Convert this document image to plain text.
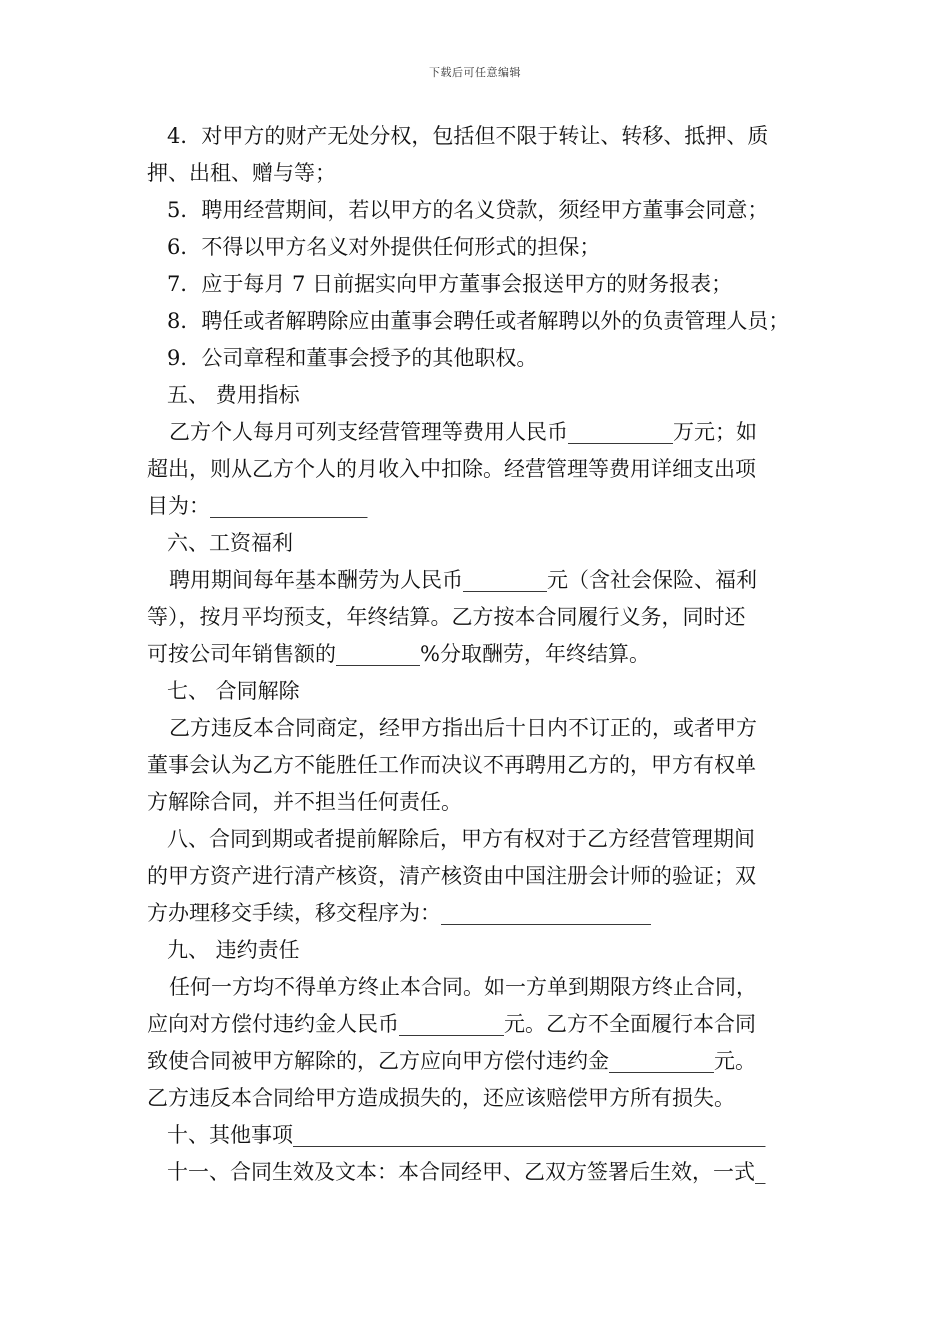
下载后可任意编辑
4．对甲方的财产无处分权，包括但不限于转让、转移、抵押、质
押、出租、赠与等；
5．聘用经营期间，若以甲方的名义贷款，须经甲方董事会同意；
6．不得以甲方名义对外提供任何形式的担保；
7．应于每月 7 日前据实向甲方董事会报送甲方的财务报表；
8．聘任或者解聘除应由董事会聘任或者解聘以外的负责管理人员；
9．公司章程和董事会授予的其他职权。
五、 费用指标
乙方个人每月可列支经营管理等费用人民币__________万元；如
超出，则从乙方个人的月收入中扣除。经营管理等费用详细支出项
目为：_______________
六、工资福利
聘用期间每年基本酬劳为人民币________元（含社会保险、福利
等），按月平均预支，年终结算。乙方按本合同履行义务，同时还
可按公司年销售额的________%分取酬劳，年终结算。
七、 合同解除
乙方违反本合同商定，经甲方指出后十日内不订正的，或者甲方
董事会认为乙方不能胜任工作而决议不再聘用乙方的，甲方有权单
方解除合同，并不担当任何责任。
八、合同到期或者提前解除后，甲方有权对于乙方经营管理期间
的甲方资产进行清产核资，清产核资由中国注册会计师的验证；双
方办理移交手续，移交程序为：____________________
九、 违约责任
任何一方均不得单方终止本合同。如一方单到期限方终止合同，
应向对方偿付违约金人民币__________元。乙方不全面履行本合同
致使合同被甲方解除的，乙方应向甲方偿付违约金__________元。
乙方违反本合同给甲方造成损失的，还应该赔偿甲方所有损失。
十、其他事项_____________________________________________
十一、合同生效及文本：本合同经甲、乙双方签署后生效，一式_
